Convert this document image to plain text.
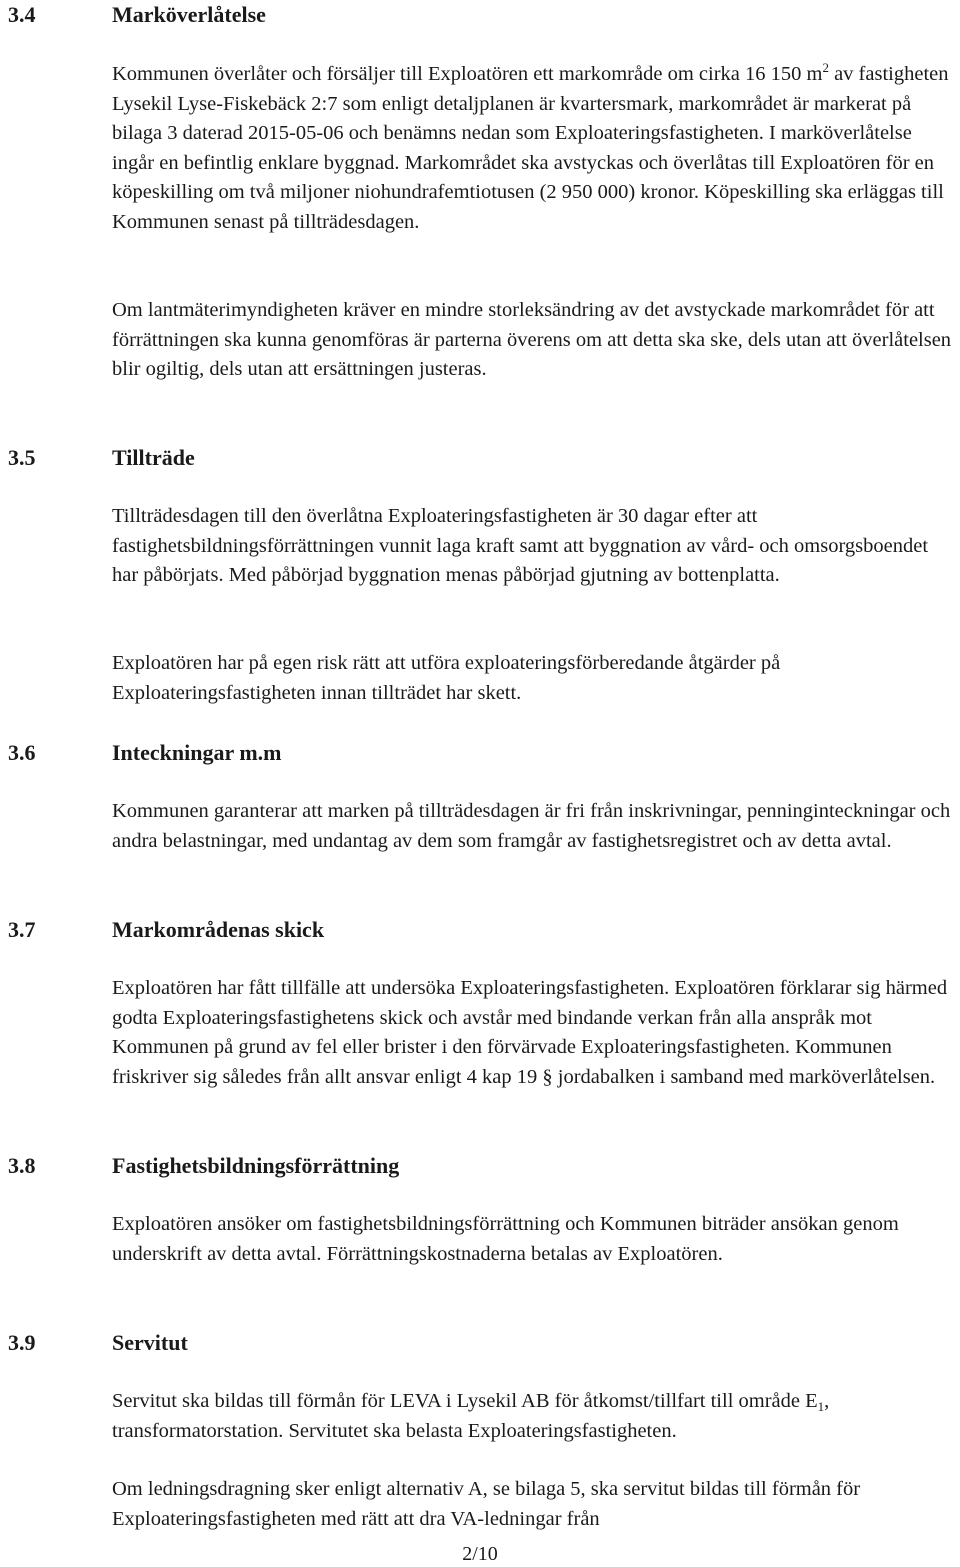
3.4	Marköverlåtelse
Kommunen överlåter och försäljer till Exploatören ett markområde om cirka 16 150 $m^2$ av fastigheten Lysekil Lyse-Fiskebäck 2:7 som enligt detaljplanen är kvartersmark, markområdet är markerat på bilaga 3 daterad 2015-05-06 och benämns nedan som Exploateringsfastigheten. I marköverlåtelse ingår en befintlig enklare byggnad. Markområdet ska avstyckas och överlåtas till Exploatören för en köpeskilling om två miljoner niohundrafemtiotusen (2 950 000) kronor. Köpeskilling ska erläggas till Kommunen senast på tillträdesdagen.
Om lantmäterimyndigheten kräver en mindre storleksändring av det avstyckade markområdet för att förrättningen ska kunna genomföras är parterna överens om att detta ska ske, dels utan att överlåtelsen blir ogiltig, dels utan att ersättningen justeras.
3.5	Tillträde
Tillträdesdagen till den överlåtna Exploateringsfastigheten är 30 dagar efter att fastighetsbildningsförrättningen vunnit laga kraft samt att byggnation av vård- och omsorgsboendet har påbörjats. Med påbörjad byggnation menas påbörjad gjutning av bottenplatta.
Exploatören har på egen risk rätt att utföra exploateringsförberedande åtgärder på Exploateringsfastigheten innan tillträdet har skett.
3.6	Inteckningar m.m
Kommunen garanterar att marken på tillträdesdagen är fri från inskrivningar, penninginteckningar och andra belastningar, med undantag av dem som framgår av fastighetsregistret och av detta avtal.
3.7	Markområdenas skick
Exploatören har fått tillfälle att undersöka Exploateringsfastigheten. Exploatören förklarar sig härmed godta Exploateringsfastighetens skick och avstår med bindande verkan från alla anspråk mot Kommunen på grund av fel eller brister i den förvärvade Exploateringsfastigheten. Kommunen friskriver sig således från allt ansvar enligt 4 kap 19 § jordabalken i samband med marköverlåtelsen.
3.8	Fastighetsbildningsförrättning
Exploatören ansöker om fastighetsbildningsförrättning och Kommunen biträder ansökan genom underskrift av detta avtal. Förrättningskostnaderna betalas av Exploatören.
3.9	Servitut
Servitut ska bildas till förmån för LEVA i Lysekil AB för åtkomst/tillfart till område $E_1$, transformatorstation. Servitutet ska belasta Exploateringsfastigheten.
Om ledningsdragning sker enligt alternativ A, se bilaga 5, ska servitut bildas till förmån för Exploateringsfastigheten med rätt att dra VA-ledningar från
2/10
